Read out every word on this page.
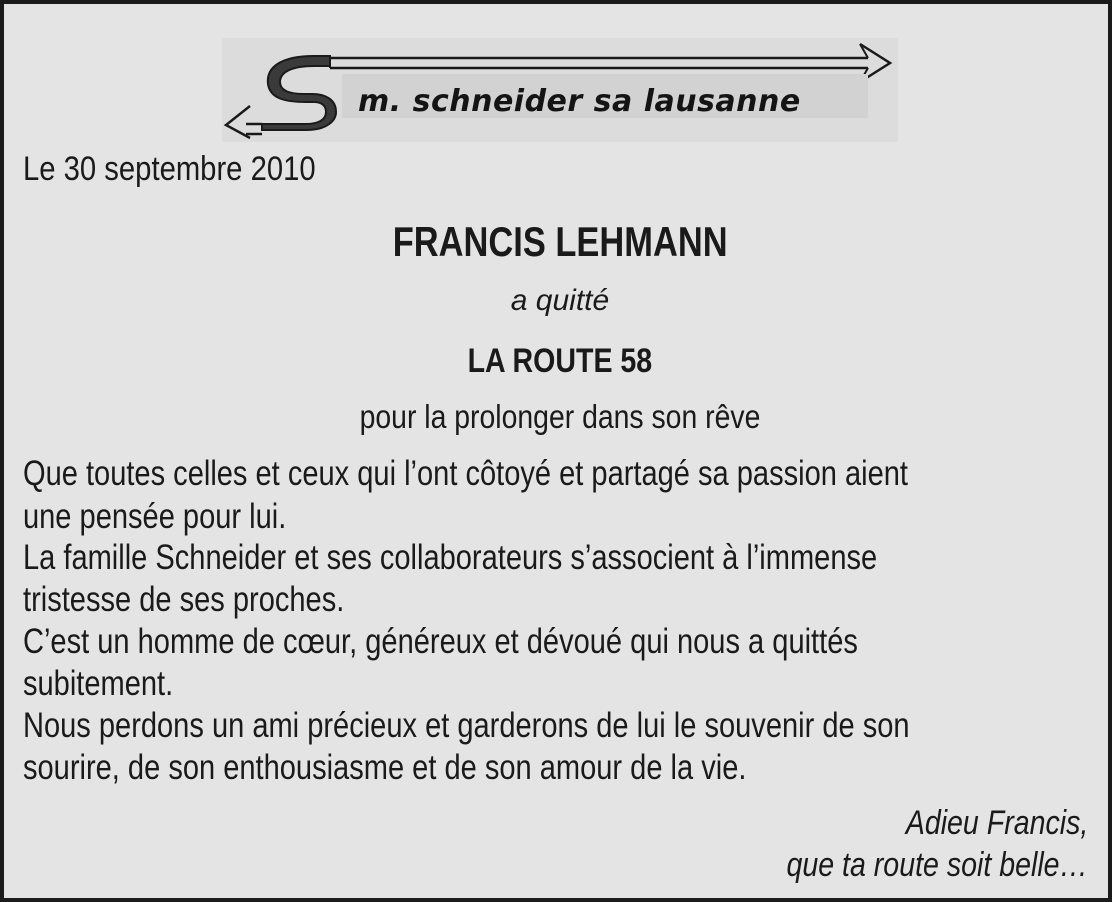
m. schneider sa lausanne
Le 30 septembre 2010
FRANCIS LEHMANN
a quitté
LA ROUTE 58
pour la prolonger dans son rêve
Que toutes celles et ceux qui l’ont côtoyé et partagé sa passion aient
une pensée pour lui.
La famille Schneider et ses collaborateurs s’associent à l’immense
tristesse de ses proches.
C’est un homme de cœur, généreux et dévoué qui nous a quittés
subitement.
Nous perdons un ami précieux et garderons de lui le souvenir de son
sourire, de son enthousiasme et de son amour de la vie.
Adieu Francis,
que ta route soit belle…
